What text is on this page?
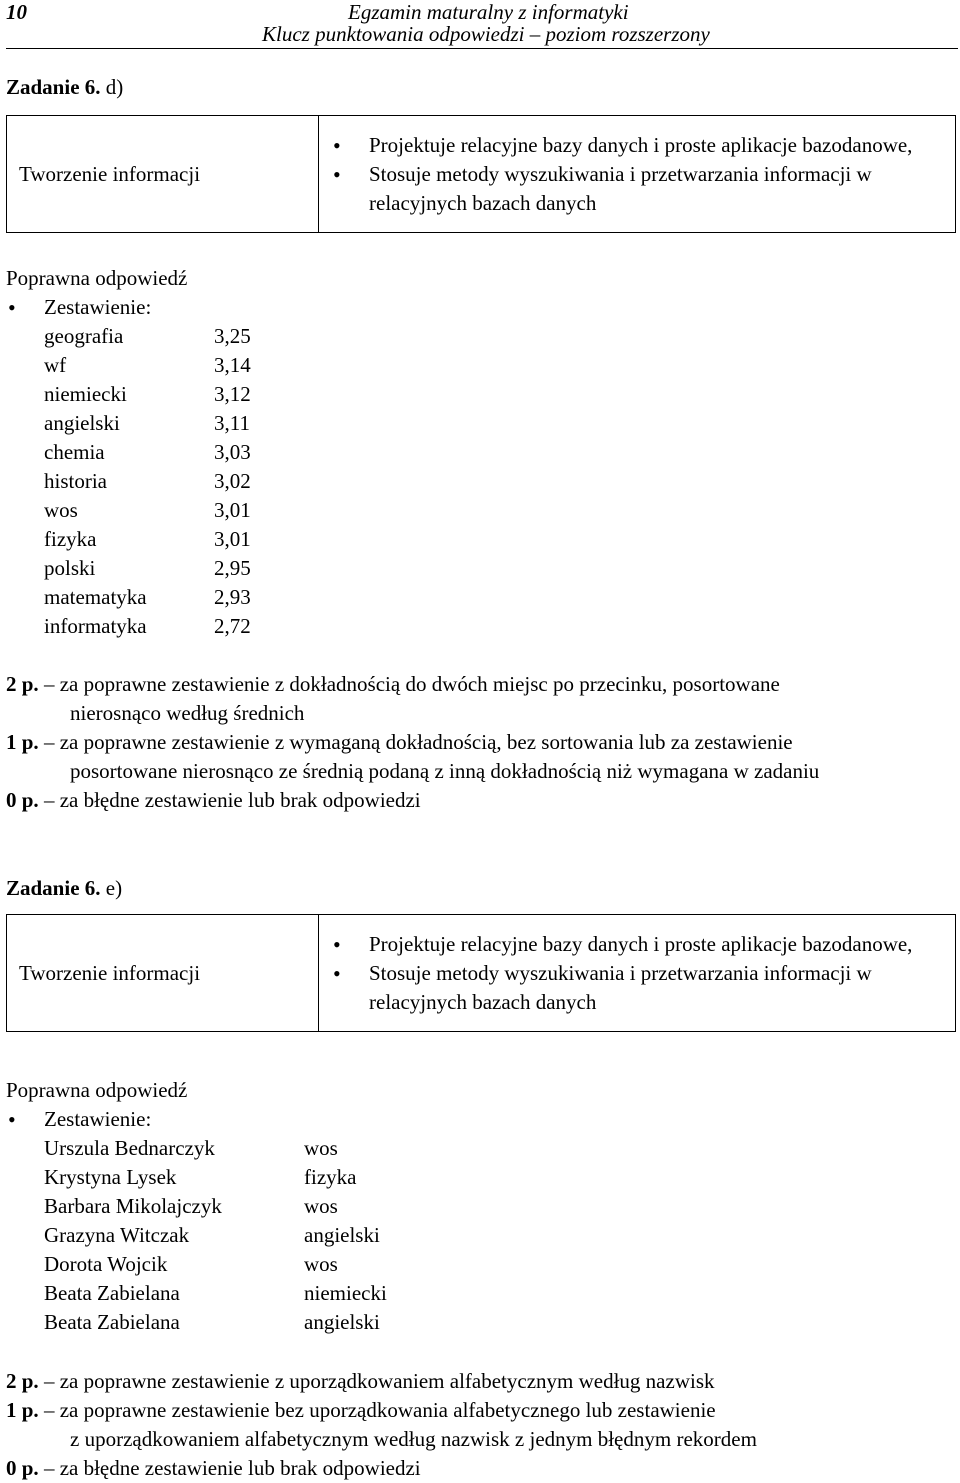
10	Egzamin maturalny z informatyki
Klucz punktowania odpowiedzi – poziom rozszerzony
Zadanie 6. d)
Tworzenie informacji	
• Projektuje relacyjne bazy danych i proste aplikacje bazodanowe,
• Stosuje metody wyszukiwania i przetwarzania informacji w relacyjnych bazach danych
Poprawna odpowiedź
• Zestawienie:
geografia	3,25
wf	3,14
niemiecki	3,12
angielski	3,11
chemia	3,03
historia	3,02
wos	3,01
fizyka	3,01
polski	2,95
matematyka	2,93
informatyka	2,72
2 p. – za poprawne zestawienie z dokładnością do dwóch miejsc po przecinku, posortowane
nierosnąco według średnich
1 p. – za poprawne zestawienie z wymaganą dokładnością, bez sortowania lub za zestawienie
posortowane nierosnąco ze średnią podaną z inną dokładnością niż wymagana w zadaniu
0 p. – za błędne zestawienie lub brak odpowiedzi
Zadanie 6. e)
Tworzenie informacji	
• Projektuje relacyjne bazy danych i proste aplikacje bazodanowe,
• Stosuje metody wyszukiwania i przetwarzania informacji w relacyjnych bazach danych
Poprawna odpowiedź
• Zestawienie:
Urszula Bednarczyk	wos
Krystyna Lysek	fizyka
Barbara Mikolajczyk	wos
Grazyna Witczak	angielski
Dorota Wojcik	wos
Beata Zabielana	niemiecki
Beata Zabielana	angielski
2 p. – za poprawne zestawienie z uporządkowaniem alfabetycznym według nazwisk
1 p. – za poprawne zestawienie bez uporządkowania alfabetycznego lub zestawienie
z uporządkowaniem alfabetycznym według nazwisk z jednym błędnym rekordem
0 p. – za błędne zestawienie lub brak odpowiedzi
